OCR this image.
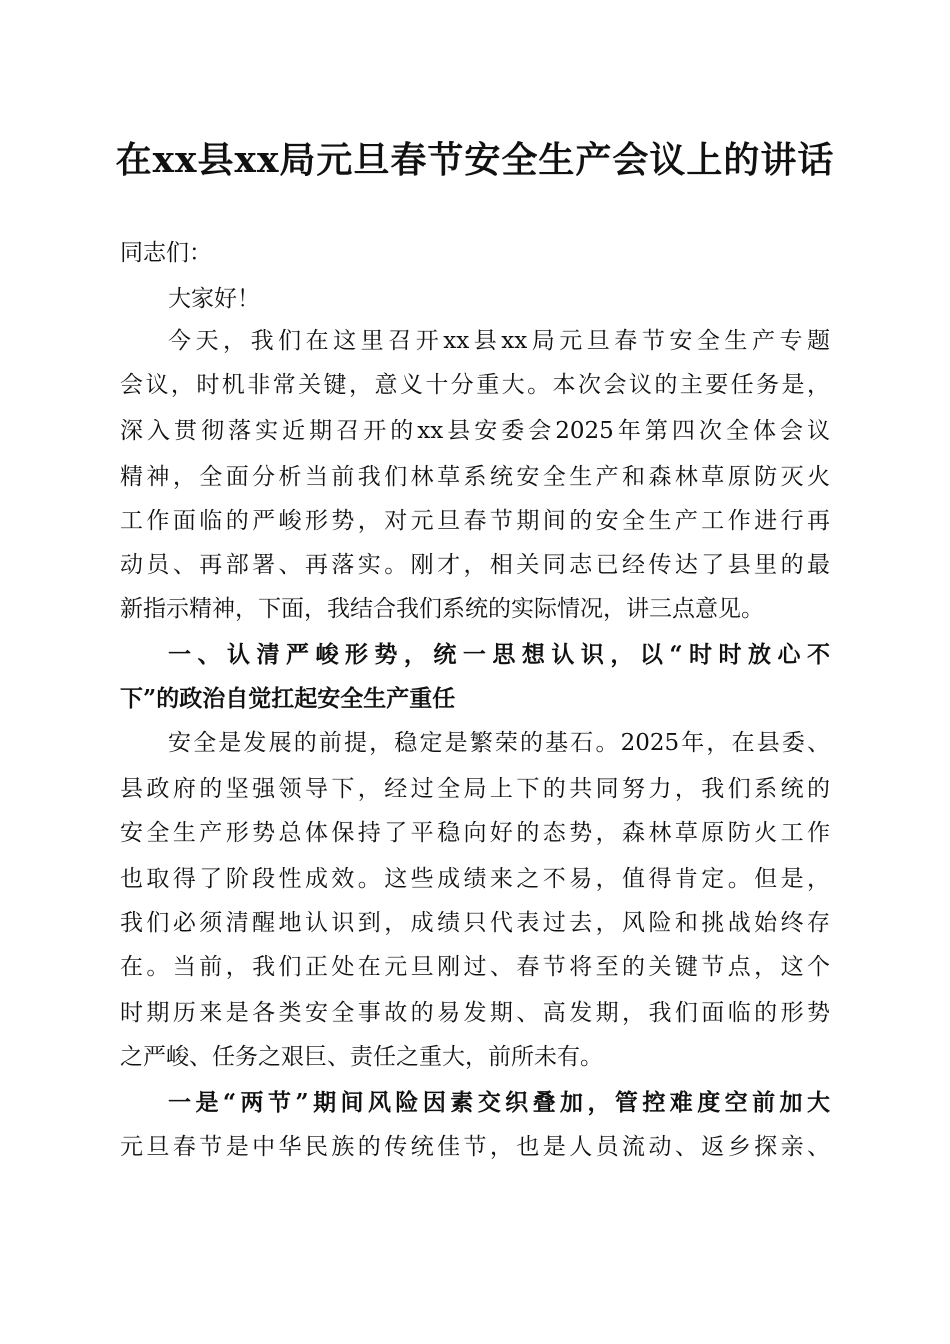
在xx县xx局元旦春节安全生产会议上的讲话
同志们：
大家好！
今天，我们在这里召开xx县xx局元旦春节安全生产专题
会议，时机非常关键，意义十分重大。本次会议的主要任务是，
深入贯彻落实近期召开的xx县安委会2025年第四次全体会议
精神，全面分析当前我们林草系统安全生产和森林草原防灭火
工作面临的严峻形势，对元旦春节期间的安全生产工作进行再
动员、再部署、再落实。刚才，相关同志已经传达了县里的最
新指示精神，下面，我结合我们系统的实际情况，讲三点意见。
一、认清严峻形势，统一思想认识，以“时时放心不
下”的政治自觉扛起安全生产重任
安全是发展的前提，稳定是繁荣的基石。2025年，在县委、
县政府的坚强领导下，经过全局上下的共同努力，我们系统的
安全生产形势总体保持了平稳向好的态势，森林草原防火工作
也取得了阶段性成效。这些成绩来之不易，值得肯定。但是，
我们必须清醒地认识到，成绩只代表过去，风险和挑战始终存
在。当前，我们正处在元旦刚过、春节将至的关键节点，这个
时期历来是各类安全事故的易发期、高发期，我们面临的形势
之严峻、任务之艰巨、责任之重大，前所未有。
一是“两节”期间风险因素交织叠加，管控难度空前加大
元旦春节是中华民族的传统佳节，也是人员流动、返乡探亲、
